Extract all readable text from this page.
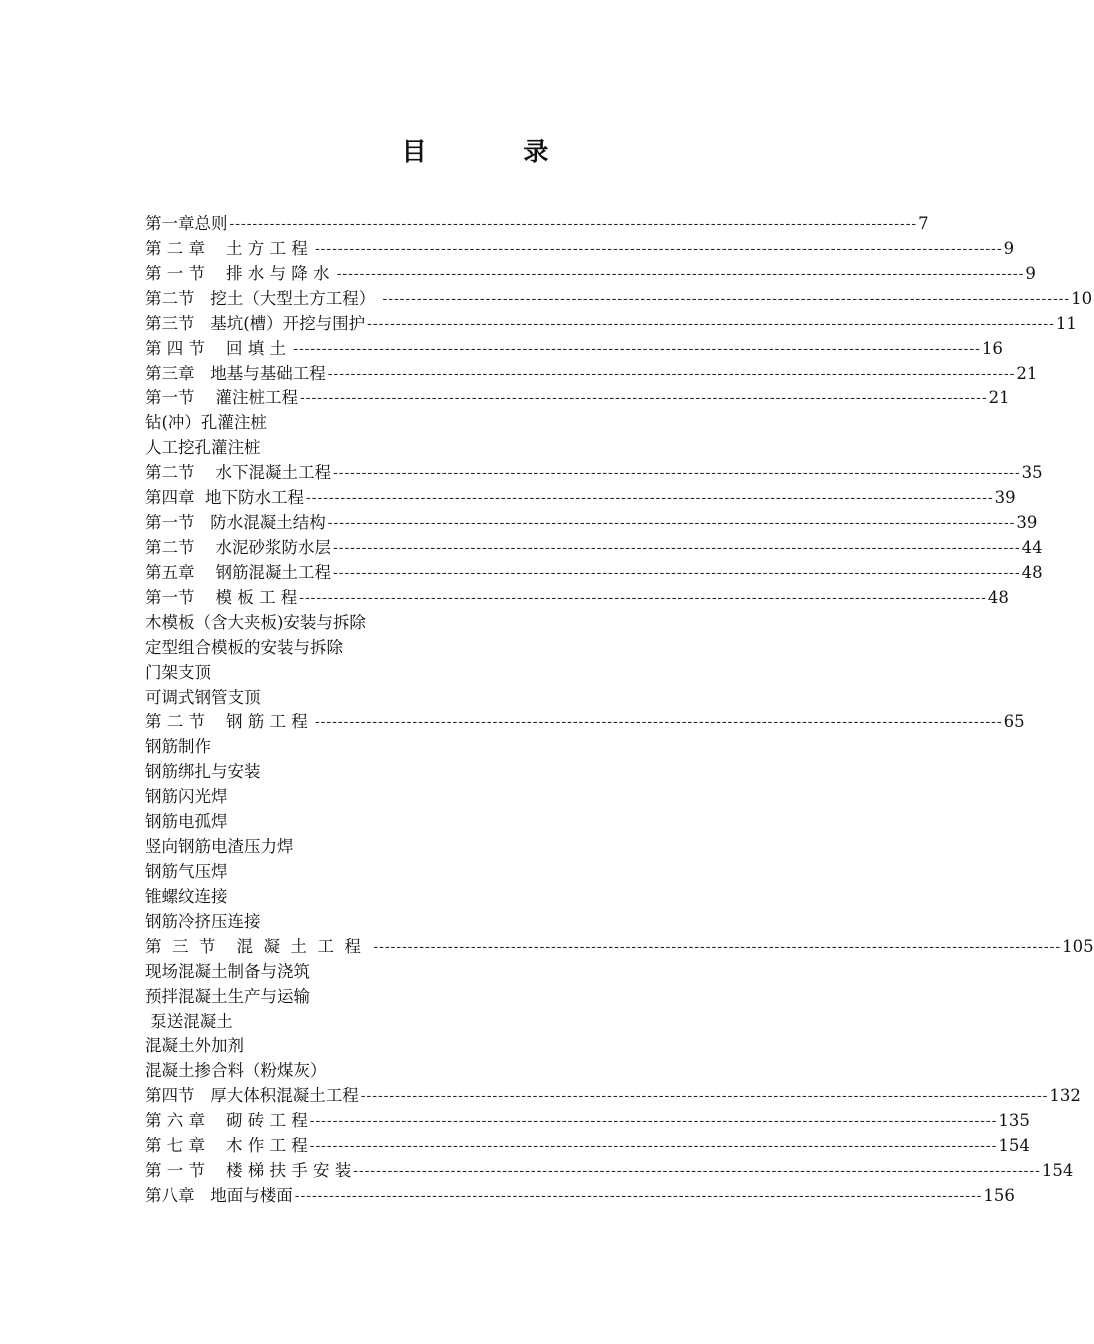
目 录
第一章总则 ------------------------------------------------------------------------------------------------------------------------ 7
第 二 章    土 方 工 程 ------------------------------------------------------------------------------------------------------------------------ 9
第 一 节    排 水 与 降 水 ------------------------------------------------------------------------------------------------------------------------ 9
第二节   挖土（大型土方工程） ------------------------------------------------------------------------------------------------------------------------ 10
第三节   基坑(槽）开挖与围护 ------------------------------------------------------------------------------------------------------------------------ 11
第 四 节    回 填 土 ------------------------------------------------------------------------------------------------------------------------ 16
第三章   地基与基础工程 ------------------------------------------------------------------------------------------------------------------------ 21
第一节    灌注桩工程 ------------------------------------------------------------------------------------------------------------------------ 21
钻(冲）孔灌注桩
人工挖孔灌注桩
第二节    水下混凝土工程 ------------------------------------------------------------------------------------------------------------------------ 35
第四章  地下防水工程 ------------------------------------------------------------------------------------------------------------------------ 39
第一节   防水混凝土结构 ------------------------------------------------------------------------------------------------------------------------ 39
第二节    水泥砂浆防水层 ------------------------------------------------------------------------------------------------------------------------ 44
第五章    钢筋混凝土工程 ------------------------------------------------------------------------------------------------------------------------ 48
第一节    模 板 工 程 ------------------------------------------------------------------------------------------------------------------------ 48
木模板（含大夹板)安装与拆除
定型组合模板的安装与拆除
门架支顶
可调式钢管支顶
第 二 节    钢 筋 工 程 ------------------------------------------------------------------------------------------------------------------------ 65
钢筋制作
钢筋绑扎与安装
钢筋闪光焊
钢筋电孤焊
竖向钢筋电渣压力焊
钢筋气压焊
锥螺纹连接
钢筋冷挤压连接
第  三  节    混  凝  土  工  程 ------------------------------------------------------------------------------------------------------------------------ 105
现场混凝土制备与浇筑
预拌混凝土生产与运输
泵送混凝土
混凝土外加剂
混凝土掺合料（粉煤灰）
第四节   厚大体积混凝土工程 ------------------------------------------------------------------------------------------------------------------------ 132
第 六 章    砌 砖 工 程 ------------------------------------------------------------------------------------------------------------------------ 135
第 七 章    木 作 工 程 ------------------------------------------------------------------------------------------------------------------------ 154
第 一 节    楼 梯 扶 手 安 装 ------------------------------------------------------------------------------------------------------------------------ 154
第八章   地面与楼面 ------------------------------------------------------------------------------------------------------------------------ 156
